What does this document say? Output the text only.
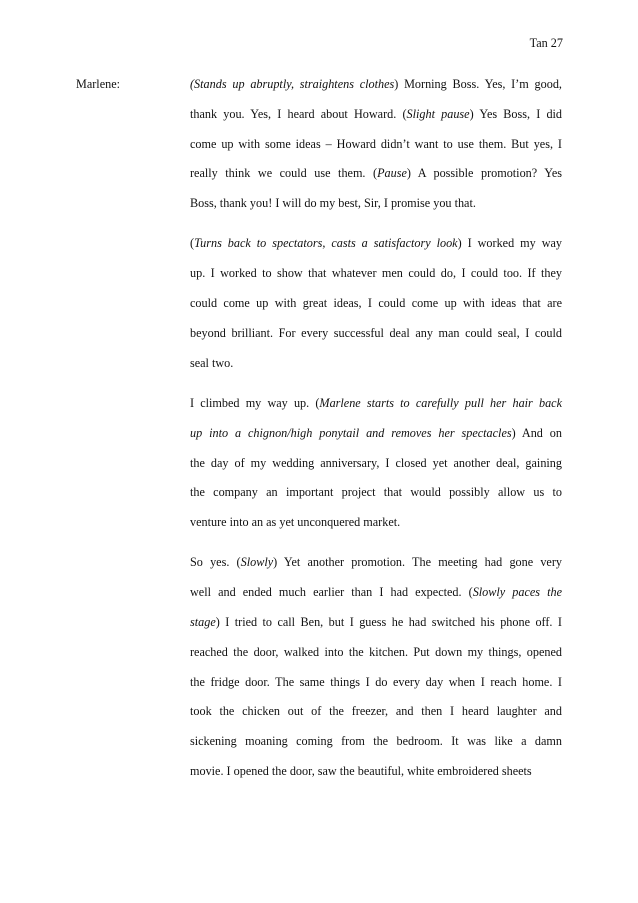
Tan 27
Marlene:	(Stands up abruptly, straightens clothes) Morning Boss. Yes, I’m good,
thank you. Yes, I heard about Howard. (Slight pause) Yes Boss, I did
come up with some ideas – Howard didn’t want to use them. But yes, I
really think we could use them. (Pause) A possible promotion? Yes
Boss, thank you! I will do my best, Sir, I promise you that.
(Turns back to spectators, casts a satisfactory look) I worked my way
up. I worked to show that whatever men could do, I could too. If they
could come up with great ideas, I could come up with ideas that are
beyond brilliant. For every successful deal any man could seal, I could
seal two.
I climbed my way up. (Marlene starts to carefully pull her hair back
up into a chignon/high ponytail and removes her spectacles) And on
the day of my wedding anniversary, I closed yet another deal, gaining
the company an important project that would possibly allow us to
venture into an as yet unconquered market.
So yes. (Slowly) Yet another promotion. The meeting had gone very
well and ended much earlier than I had expected. (Slowly paces the
stage) I tried to call Ben, but I guess he had switched his phone off. I
reached the door, walked into the kitchen. Put down my things, opened
the fridge door. The same things I do every day when I reach home. I
took the chicken out of the freezer, and then I heard laughter and
sickening moaning coming from the bedroom. It was like a damn
movie. I opened the door, saw the beautiful, white embroidered sheets
